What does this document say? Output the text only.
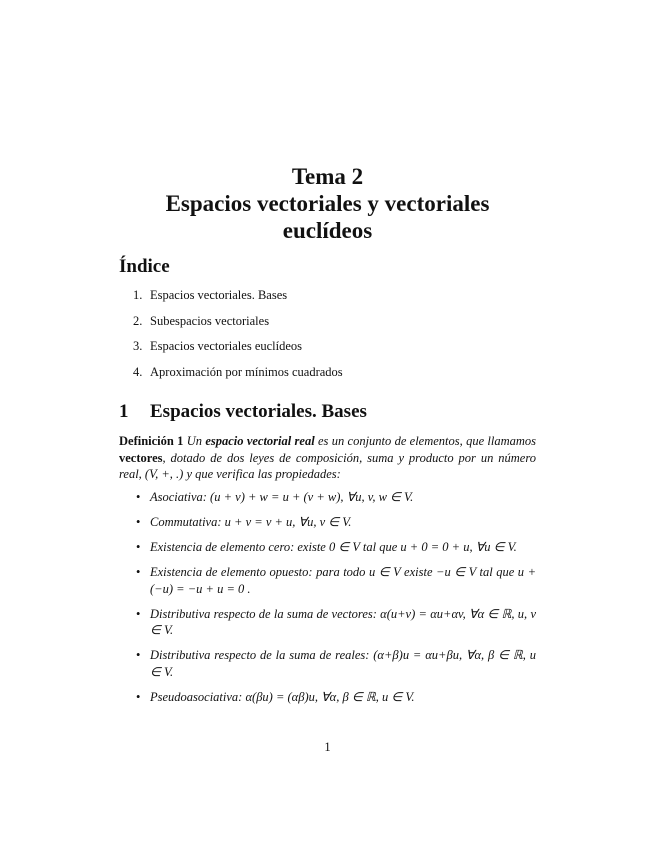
Tema 2
Espacios vectoriales y vectoriales
euclídeos
Índice
1. Espacios vectoriales. Bases
2. Subespacios vectoriales
3. Espacios vectoriales euclídeos
4. Aproximación por mínimos cuadrados
1 Espacios vectoriales. Bases
Definición 1 Un espacio vectorial real es un conjunto de elementos, que llamamos vectores, dotado de dos leyes de composición, suma y producto por un número real, (V, +, .) y que verifica las propiedades:
• Asociativa: (u + v) + w = u + (v + w), ∀u, v, w ∈ V.
• Commutativa: u + v = v + u, ∀u, v ∈ V.
• Existencia de elemento cero: existe 0 ∈ V tal que u + 0 = 0 + u, ∀u ∈ V.
• Existencia de elemento opuesto: para todo u ∈ V existe −u ∈ V tal que u + (−u) = −u + u = 0 .
• Distributiva respecto de la suma de vectores: α(u+v) = αu+αv, ∀α ∈ ℝ, u, v ∈ V.
• Distributiva respecto de la suma de reales: (α+β)u = αu+βu, ∀α, β ∈ ℝ, u ∈ V.
• Pseudoasociativa: α(βu) = (αβ)u, ∀α, β ∈ ℝ, u ∈ V.
1
